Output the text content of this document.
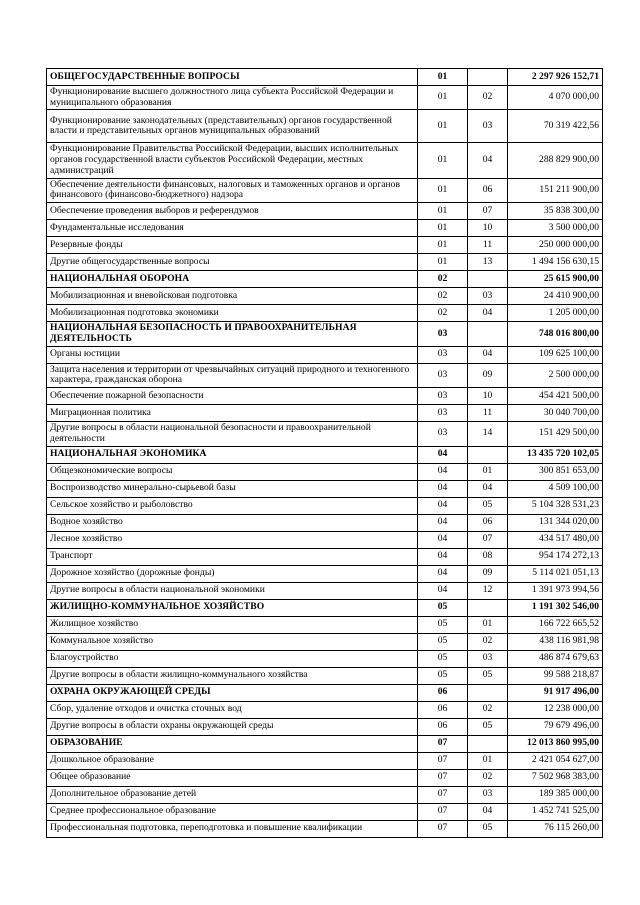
ОБЩЕГОСУДАРСТВЕННЫЕ ВОПРОСЫ	01		2 297 926 152,71
Функционирование высшего должностного лица субъекта Российской Федерации и муниципального образования	01	02	4 070 000,00
Функционирование законодательных (представительных) органов государственной власти и представительных органов муниципальных образований	01	03	70 319 422,56
Функционирование Правительства Российской Федерации, высших исполнительных органов государственной власти субъектов Российской Федерации, местных администраций	01	04	288 829 900,00
Обеспечение деятельности финансовых, налоговых и таможенных органов и органов финансового (финансово-бюджетного) надзора	01	06	151 211 900,00
Обеспечение проведения выборов и референдумов	01	07	35 838 300,00
Фундаментальные исследования	01	10	3 500 000,00
Резервные фонды	01	11	250 000 000,00
Другие общегосударственные вопросы	01	13	1 494 156 630,15
НАЦИОНАЛЬНАЯ ОБОРОНА	02		25 615 900,00
Мобилизационная и вневойсковая подготовка	02	03	24 410 900,00
Мобилизационная подготовка экономики	02	04	1 205 000,00
НАЦИОНАЛЬНАЯ БЕЗОПАСНОСТЬ И ПРАВООХРАНИТЕЛЬНАЯ ДЕЯТЕЛЬНОСТЬ	03		748 016 800,00
Органы юстиции	03	04	109 625 100,00
Защита населения и территории от чрезвычайных ситуаций природного и техногенного характера, гражданская оборона	03	09	2 500 000,00
Обеспечение пожарной безопасности	03	10	454 421 500,00
Миграционная политика	03	11	30 040 700,00
Другие вопросы в области национальной безопасности и правоохранительной деятельности	03	14	151 429 500,00
НАЦИОНАЛЬНАЯ ЭКОНОМИКА	04		13 435 720 102,05
Общеэкономические вопросы	04	01	300 851 653,00
Воспроизводство минерально-сырьевой базы	04	04	4 509 100,00
Сельское хозяйство и рыболовство	04	05	5 104 328 531,23
Водное хозяйство	04	06	131 344 020,00
Лесное хозяйство	04	07	434 517 480,00
Транспорт	04	08	954 174 272,13
Дорожное хозяйство (дорожные фонды)	04	09	5 114 021 051,13
Другие вопросы в области национальной экономики	04	12	1 391 973 994,56
ЖИЛИЩНО-КОММУНАЛЬНОЕ ХОЗЯЙСТВО	05		1 191 302 546,00
Жилищное хозяйство	05	01	166 722 665,52
Коммунальное хозяйство	05	02	438 116 981,98
Благоустройство	05	03	486 874 679,63
Другие вопросы в области жилищно-коммунального хозяйства	05	05	99 588 218,87
ОХРАНА ОКРУЖАЮЩЕЙ СРЕДЫ	06		91 917 496,00
Сбор, удаление отходов и очистка сточных вод	06	02	12 238 000,00
Другие вопросы в области охраны окружающей среды	06	05	79 679 496,00
ОБРАЗОВАНИЕ	07		12 013 860 995,00
Дошкольное образование	07	01	2 421 054 627,00
Общее образование	07	02	7 502 968 383,00
Дополнительное образование детей	07	03	189 385 000,00
Среднее профессиональное образование	07	04	1 452 741 525,00
Профессиональная подготовка, переподготовка и повышение квалификации	07	05	76 115 260,00
